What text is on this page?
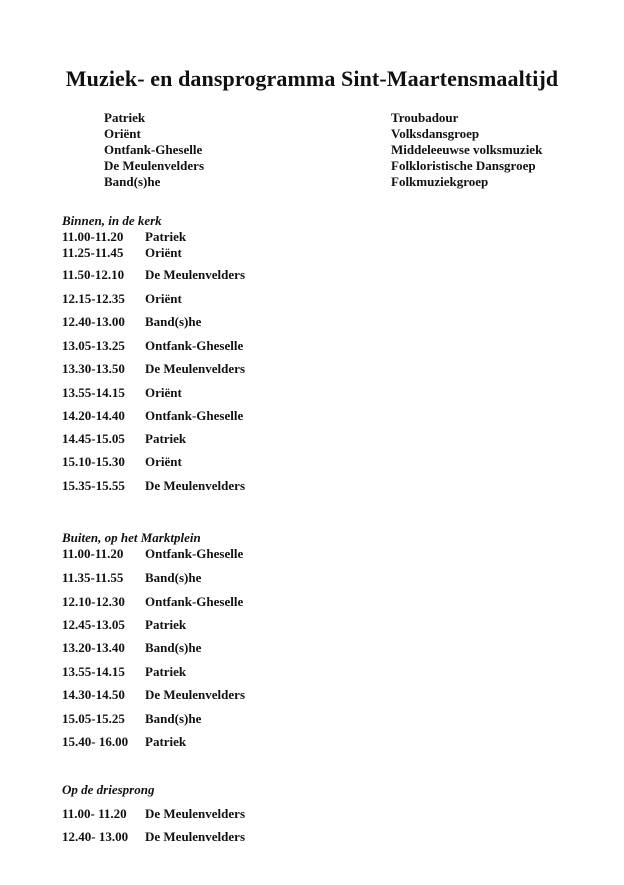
Muziek- en dansprogramma Sint-Maartensmaaltijd
Patriek	Troubadour
Oriënt	Volksdansgroep
Ontfank-Gheselle	Middeleeuwse volksmuziek
De Meulenvelders	Folkloristische Dansgroep
Band(s)he	Folkmuziekgroep
Binnen, in de kerk
11.00-11.20 Patriek
11.25-11.45 Oriënt
11.50-12.10 De Meulenvelders
12.15-12.35 Oriënt
12.40-13.00 Band(s)he
13.05-13.25 Ontfank-Gheselle
13.30-13.50 De Meulenvelders
13.55-14.15 Oriënt
14.20-14.40 Ontfank-Gheselle
14.45-15.05 Patriek
15.10-15.30 Oriënt
15.35-15.55 De Meulenvelders
Buiten, op het Marktplein
11.00-11.20 Ontfank-Gheselle
11.35-11.55 Band(s)he
12.10-12.30 Ontfank-Gheselle
12.45-13.05 Patriek
13.20-13.40 Band(s)he
13.55-14.15 Patriek
14.30-14.50 De Meulenvelders
15.05-15.25 Band(s)he
15.40- 16.00 Patriek
Op de driesprong
11.00- 11.20 De Meulenvelders
12.40- 13.00 De Meulenvelders
